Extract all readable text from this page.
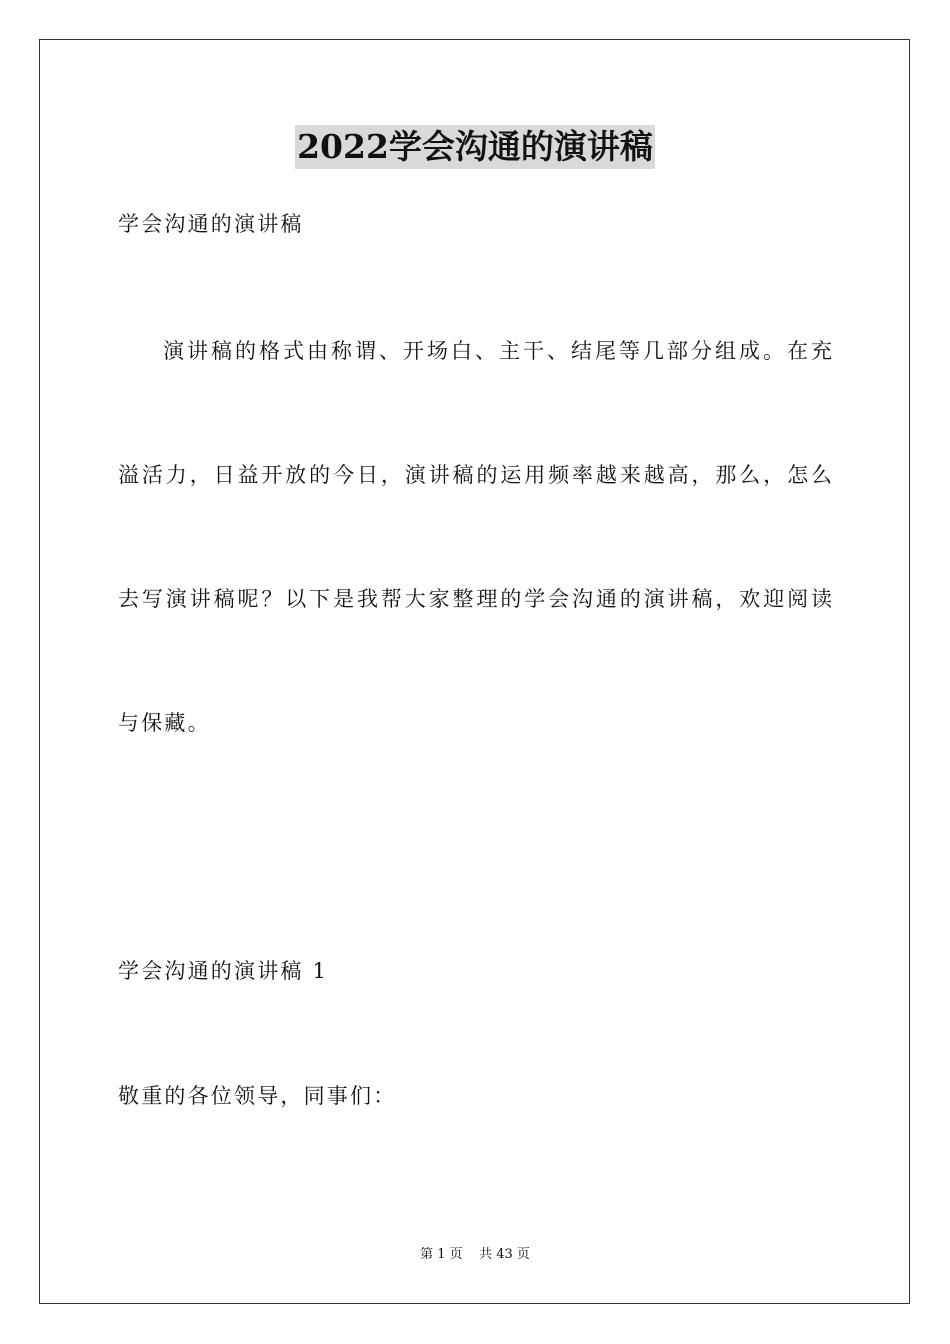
2022学会沟通的演讲稿
学会沟通的演讲稿
演讲稿的格式由称谓、开场白、主干、结尾等几部分组成。在充
溢活力，日益开放的今日，演讲稿的运用频率越来越高，那么，怎么
去写演讲稿呢？以下是我帮大家整理的学会沟通的演讲稿，欢迎阅读
与保藏。
学会沟通的演讲稿 1
敬重的各位领导，同事们：
第 1 页    共 43 页
